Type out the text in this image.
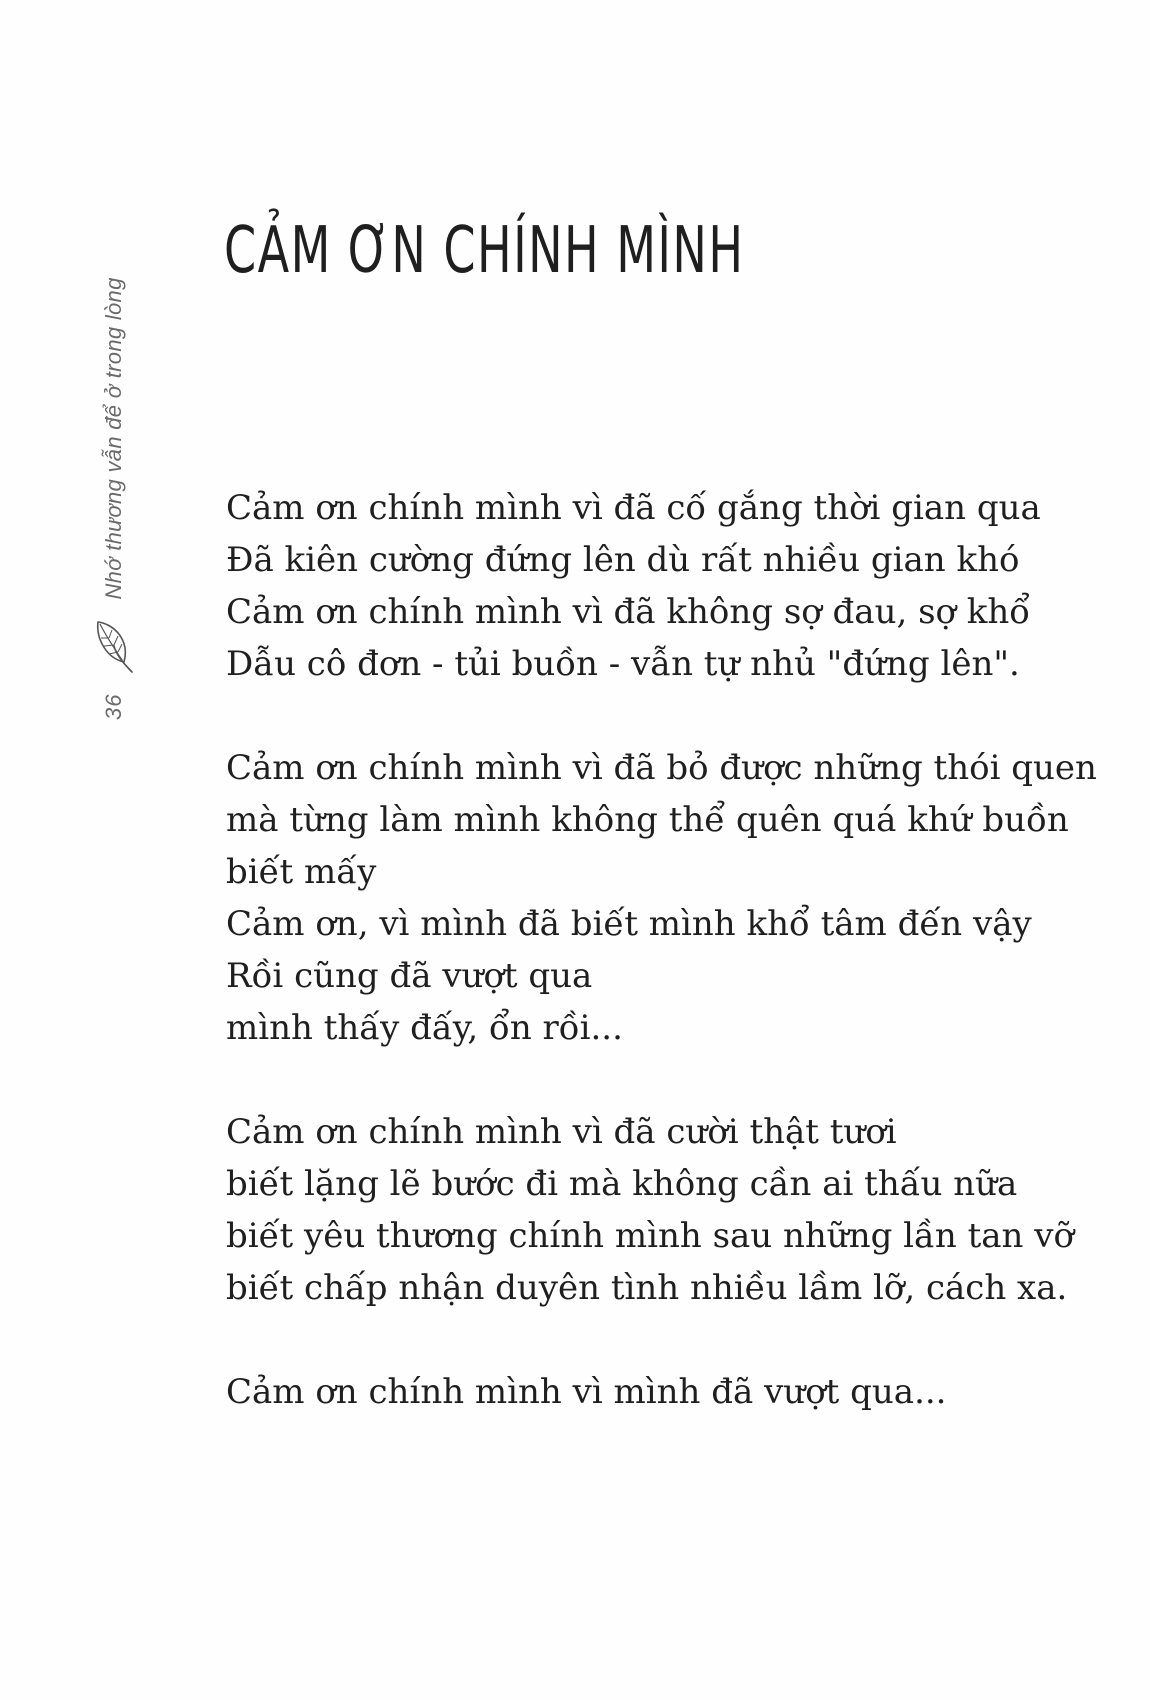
36
Nhớ thương vẫn để ở trong lòng
CẢM ƠN CHÍNH MÌNH

Cảm ơn chính mình vì đã cố gắng thời gian qua
Đã kiên cường đứng lên dù rất nhiều gian khó
Cảm ơn chính mình vì đã không sợ đau, sợ khổ
Dẫu cô đơn - tủi buồn - vẫn tự nhủ "đứng lên".

Cảm ơn chính mình vì đã bỏ được những thói quen
mà từng làm mình không thể quên quá khứ buồn
biết mấy
Cảm ơn, vì mình đã biết mình khổ tâm đến vậy
Rồi cũng đã vượt qua
mình thấy đấy, ổn rồi...

Cảm ơn chính mình vì đã cười thật tươi
biết lặng lẽ bước đi mà không cần ai thấu nữa
biết yêu thương chính mình sau những lần tan vỡ
biết chấp nhận duyên tình nhiều lầm lỡ, cách xa.

Cảm ơn chính mình vì mình đã vượt qua...
